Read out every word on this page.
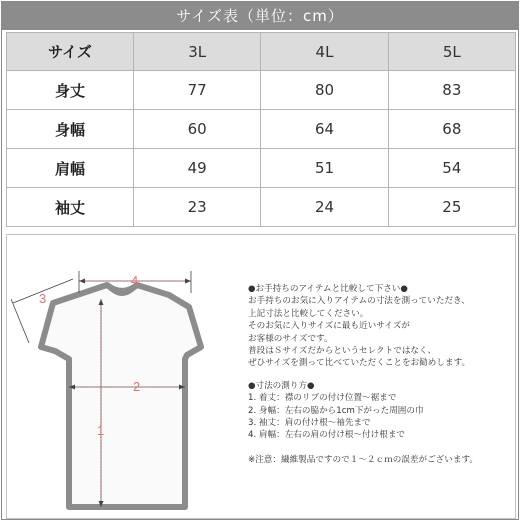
サイズ表（単位：cm）
サイズ	3L	4L	5L
身丈	77	80	83
身幅	60	64	68
肩幅	49	51	54
袖丈	23	24	25
1
2
3
4
●お手持ちのアイテムと比較して下さい●
お手持ちのお気に入りアイテムの寸法を測っていただき、
上記寸法と比較してください。
そのお気に入りサイズに最も近いサイズが
お客様のサイズです。
普段はＳサイズだからというセレクトではなく、
ぜひサイズを測って比べていただくことをお勧めします。
●寸法の測り方●
1. 着丈：襟のリブの付け位置～裾まで
2. 身幅：左右の脇から1cm下がった周囲の巾
3. 袖丈：肩の付け根～袖先まで
4. 肩幅：左右の肩の付け根～付け根まで
※注意：繊維製品ですので１～２ｃｍの誤差がございます。
